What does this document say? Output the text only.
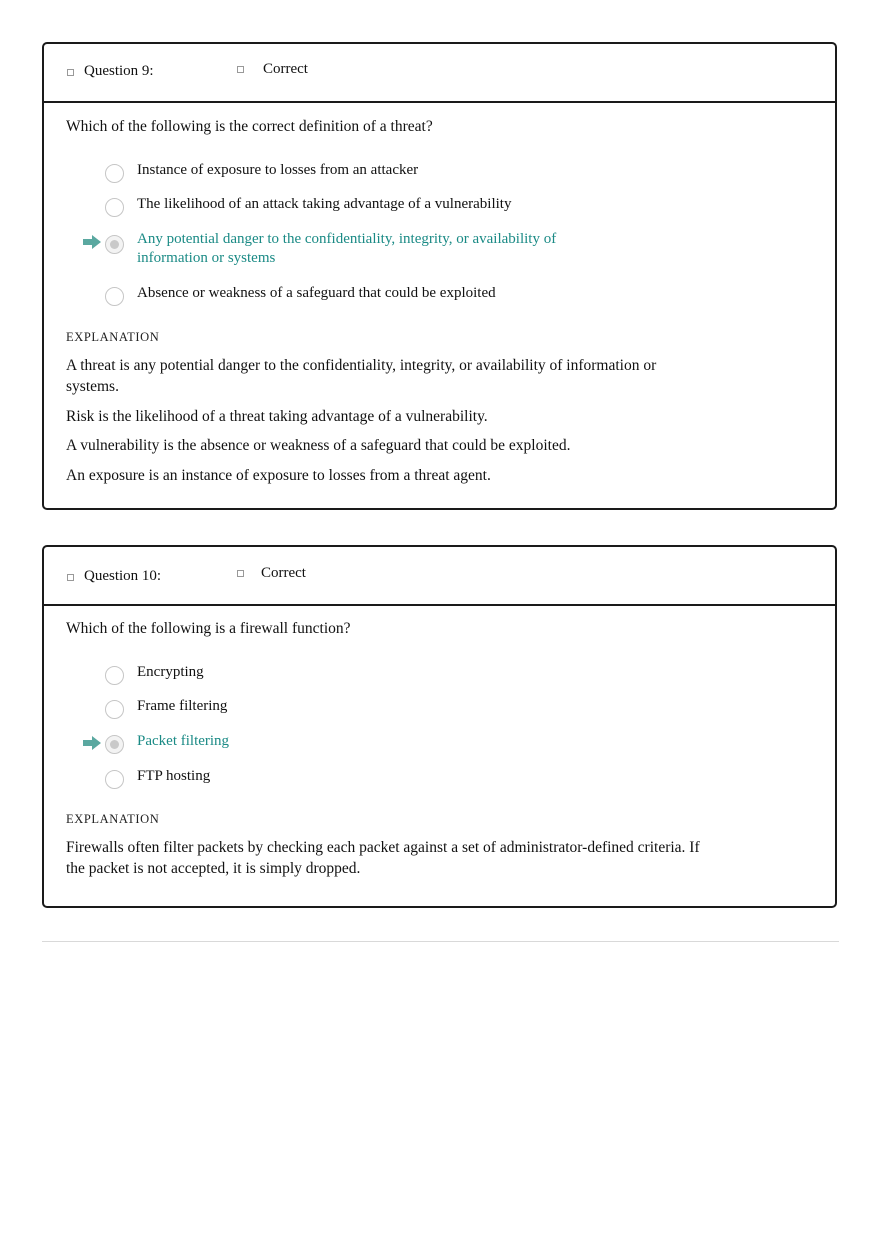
Question 9:	Correct
Which of the following is the correct definition of a threat?
Instance of exposure to losses from an attacker
The likelihood of an attack taking advantage of a vulnerability
Any potential danger to the confidentiality, integrity, or availability of
information or systems
Absence or weakness of a safeguard that could be exploited
EXPLANATION
A threat is any potential danger to the confidentiality, integrity, or availability of information or
systems.
Risk is the likelihood of a threat taking advantage of a vulnerability.
A vulnerability is the absence or weakness of a safeguard that could be exploited.
An exposure is an instance of exposure to losses from a threat agent.
Question 10:	Correct
Which of the following is a firewall function?
Encrypting
Frame filtering
Packet filtering
FTP hosting
EXPLANATION
Firewalls often filter packets by checking each packet against a set of administrator-defined criteria. If
the packet is not accepted, it is simply dropped.
